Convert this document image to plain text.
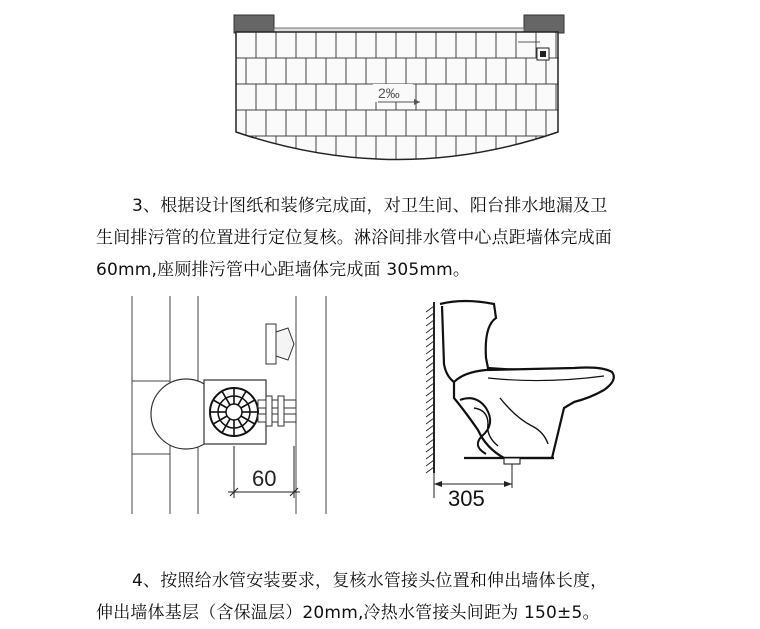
2‰
3、根据设计图纸和装修完成面，对卫生间、阳台排水地漏及卫
生间排污管的位置进行定位复核。淋浴间排水管中心点距墙体完成面
60mm,座厕排污管中心距墙体完成面 305mm。
60
305
4、按照给水管安装要求，复核水管接头位置和伸出墙体长度，
伸出墙体基层（含保温层）20mm,冷热水管接头间距为 150±5。
